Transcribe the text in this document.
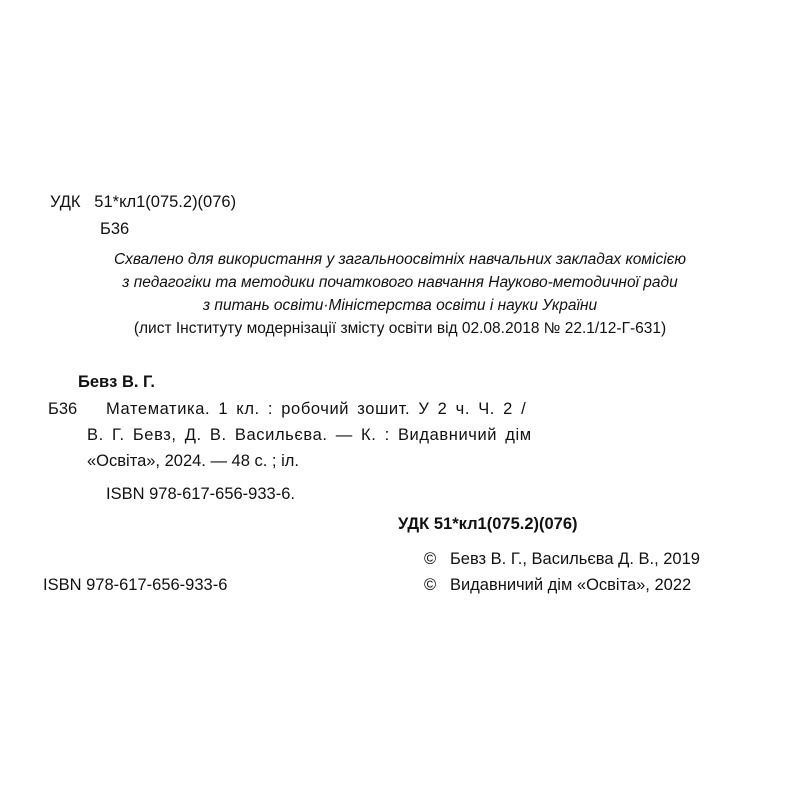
УДК 51*кл1(075.2)(076)
Б36
Схвалено для використання у загальноосвітніх навчальних закладах комісією
з педагогіки та методики початкового навчання Науково-методичної ради
з питань освіти·Міністерства освіти і науки України
(лист Інституту модернізації змісту освіти від 02.08.2018 № 22.1/12-Г-631)
Бевз В. Г.
Б36 Математика. 1 кл. : робочий зошит. У 2 ч. Ч. 2 /
В. Г. Бевз, Д. В. Васильєва. — К. : Видавничий дім
«Освіта», 2024. — 48 с. ; іл.
ISBN 978-617-656-933-6.
УДК 51*кл1(075.2)(076)
ISBN 978-617-656-933-6
© Бевз В. Г., Васильєва Д. В., 2019
© Видавничий дім «Освіта», 2022
